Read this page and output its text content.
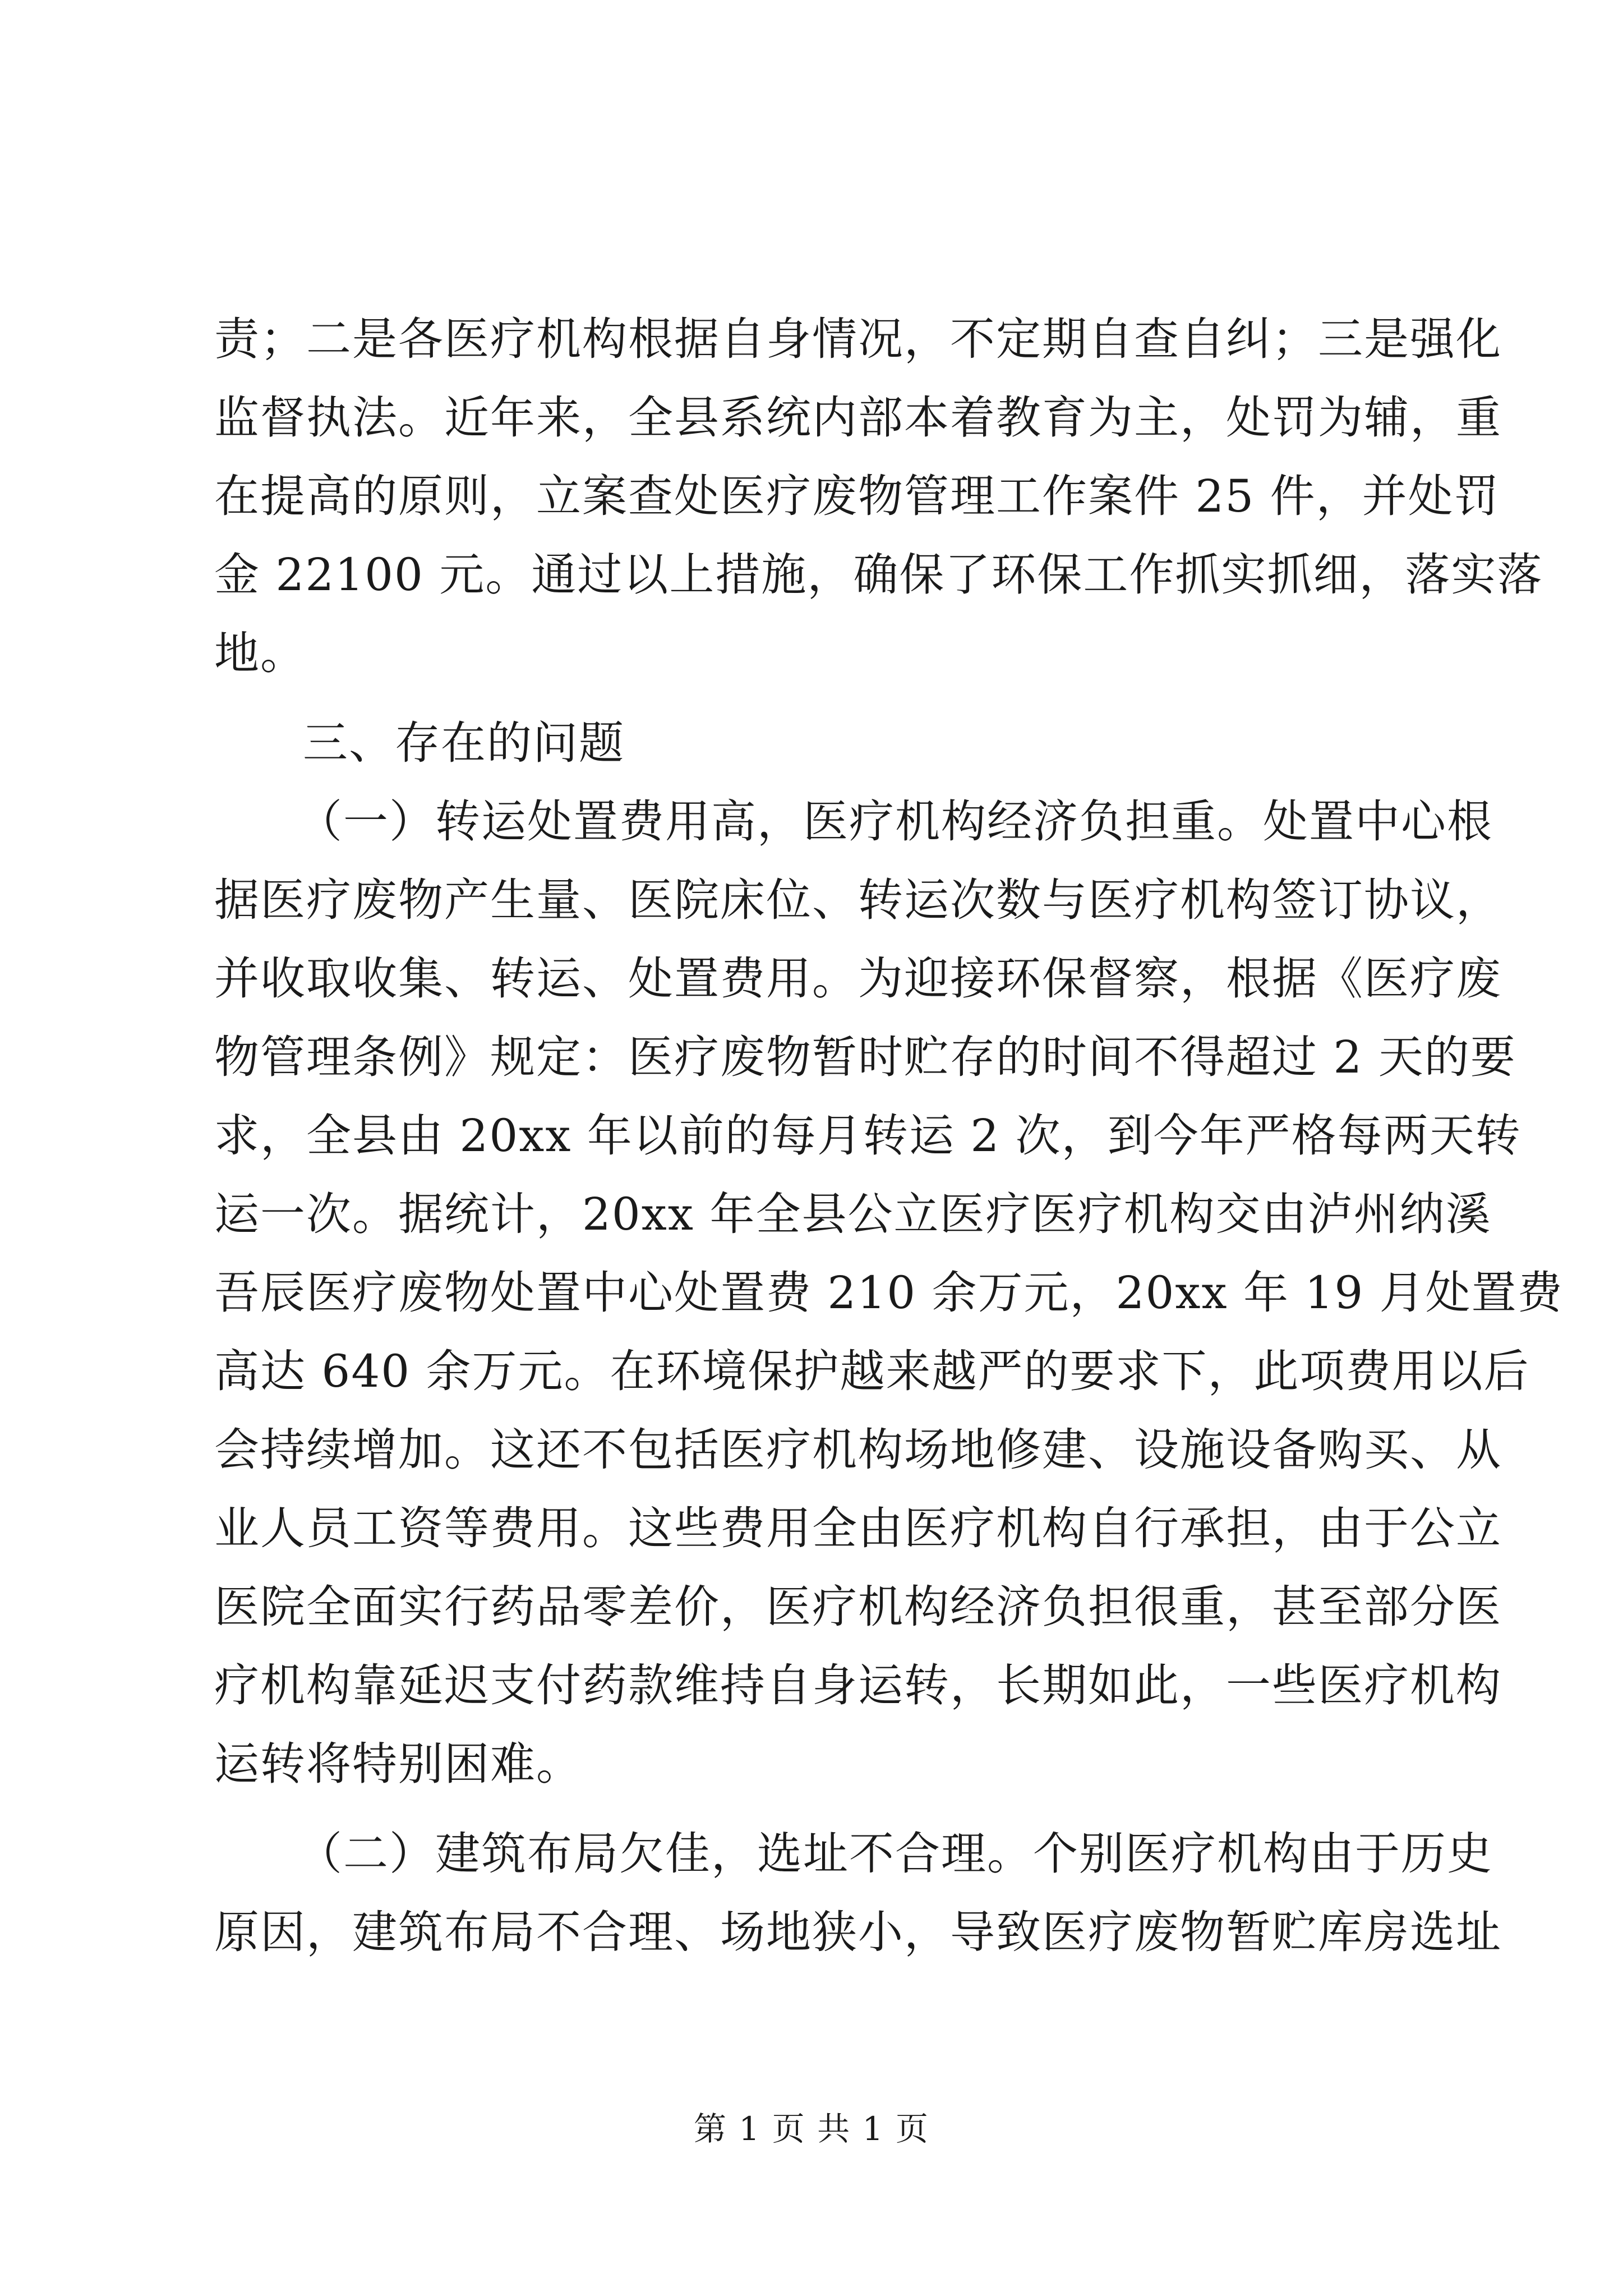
责；二是各医疗机构根据自身情况，不定期自查自纠；三是强化
监督执法。近年来，全县系统内部本着教育为主，处罚为辅，重
在提高的原则，立案查处医疗废物管理工作案件 25 件，并处罚
金 22100 元。通过以上措施，确保了环保工作抓实抓细，落实落
地。
三、存在的问题
（一）转运处置费用高，医疗机构经济负担重。处置中心根
据医疗废物产生量、医院床位、转运次数与医疗机构签订协议，
并收取收集、转运、处置费用。为迎接环保督察，根据《医疗废
物管理条例》规定：医疗废物暂时贮存的时间不得超过 2 天的要
求，全县由 20xx 年以前的每月转运 2 次，到今年严格每两天转
运一次。据统计，20xx 年全县公立医疗医疗机构交由泸州纳溪
吾辰医疗废物处置中心处置费 210 余万元，20xx 年 19 月处置费
高达 640 余万元。在环境保护越来越严的要求下，此项费用以后
会持续增加。这还不包括医疗机构场地修建、设施设备购买、从
业人员工资等费用。这些费用全由医疗机构自行承担，由于公立
医院全面实行药品零差价，医疗机构经济负担很重，甚至部分医
疗机构靠延迟支付药款维持自身运转，长期如此，一些医疗机构
运转将特别困难。
（二）建筑布局欠佳，选址不合理。个别医疗机构由于历史
原因，建筑布局不合理、场地狭小，导致医疗废物暂贮库房选址
第 1 页 共 1 页
